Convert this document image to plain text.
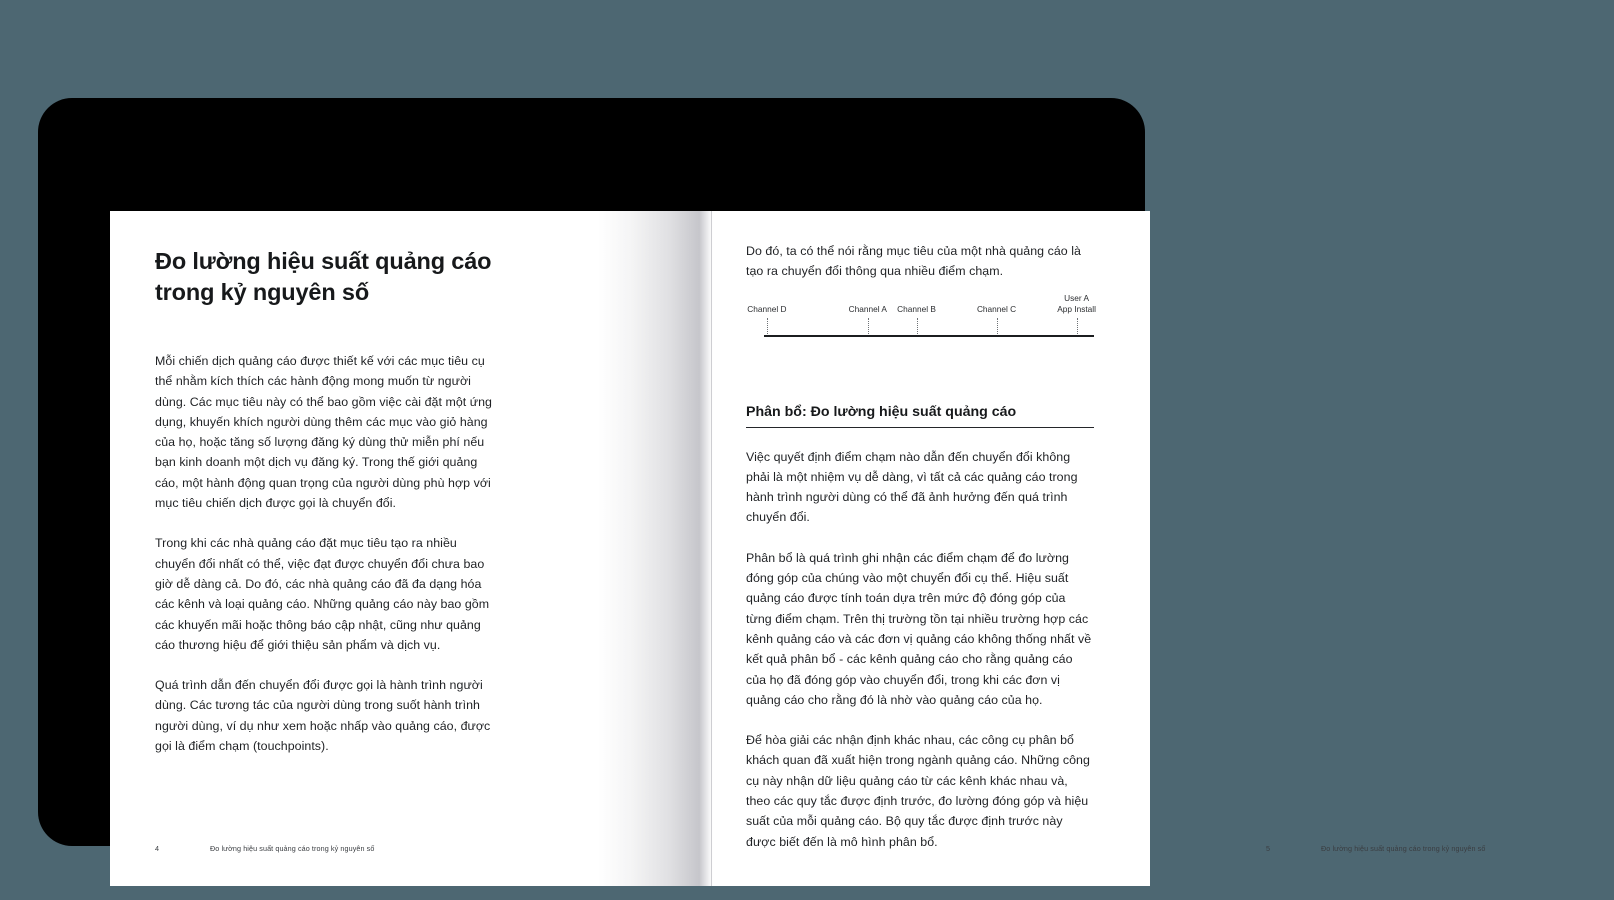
Đo lường hiệu suất quảng cáo
trong kỷ nguyên số

Mỗi chiến dịch quảng cáo được thiết kế với các mục tiêu cụ thể nhằm kích thích các hành động mong muốn từ người dùng. Các mục tiêu này có thể bao gồm việc cài đặt một ứng dụng, khuyến khích người dùng thêm các mục vào giỏ hàng của họ, hoặc tăng số lượng đăng ký dùng thử miễn phí nếu bạn kinh doanh một dịch vụ đăng ký. Trong thế giới quảng cáo, một hành động quan trọng của người dùng phù hợp với mục tiêu chiến dịch được gọi là chuyển đổi.

Trong khi các nhà quảng cáo đặt mục tiêu tạo ra nhiều chuyển đổi nhất có thể, việc đạt được chuyển đổi chưa bao giờ dễ dàng cả. Do đó, các nhà quảng cáo đã đa dạng hóa các kênh và loại quảng cáo. Những quảng cáo này bao gồm các khuyến mãi hoặc thông báo cập nhật, cũng như quảng cáo thương hiệu để giới thiệu sản phẩm và dịch vụ.

Quá trình dẫn đến chuyển đổi được gọi là hành trình người dùng. Các tương tác của người dùng trong suốt hành trình người dùng, ví dụ như xem hoặc nhấp vào quảng cáo, được gọi là điểm chạm (touchpoints).

4	Đo lường hiệu suất quảng cáo trong kỷ nguyên số

Do đó, ta có thể nói rằng mục tiêu của một nhà quảng cáo là tạo ra chuyển đổi thông qua nhiều điểm chạm.

Channel D	Channel A Channel B	Channel C
User A
App Install
Phân bổ: Đo lường hiệu suất quảng cáo

Việc quyết định điểm chạm nào dẫn đến chuyển đổi không phải là một nhiệm vụ dễ dàng, vì tất cả các quảng cáo trong hành trình người dùng có thể đã ảnh hưởng đến quá trình chuyển đổi.

Phân bổ là quá trình ghi nhận các điểm chạm để đo lường đóng góp của chúng vào một chuyển đổi cụ thể. Hiệu suất quảng cáo được tính toán dựa trên mức độ đóng góp của từng điểm chạm. Trên thị trường tồn tại nhiều trường hợp các kênh quảng cáo và các đơn vị quảng cáo không thống nhất về kết quả phân bổ - các kênh quảng cáo cho rằng quảng cáo của họ đã đóng góp vào chuyển đổi, trong khi các đơn vị quảng cáo cho rằng đó là nhờ vào quảng cáo của họ.

Để hòa giải các nhận định khác nhau, các công cụ phân bổ khách quan đã xuất hiện trong ngành quảng cáo. Những công cụ này nhận dữ liệu quảng cáo từ các kênh khác nhau và, theo các quy tắc được định trước, đo lường đóng góp và hiệu suất của mỗi quảng cáo. Bộ quy tắc được định trước này được biết đến là mô hình phân bổ.	5	Đo lường hiệu suất quảng cáo trong kỷ nguyên số
